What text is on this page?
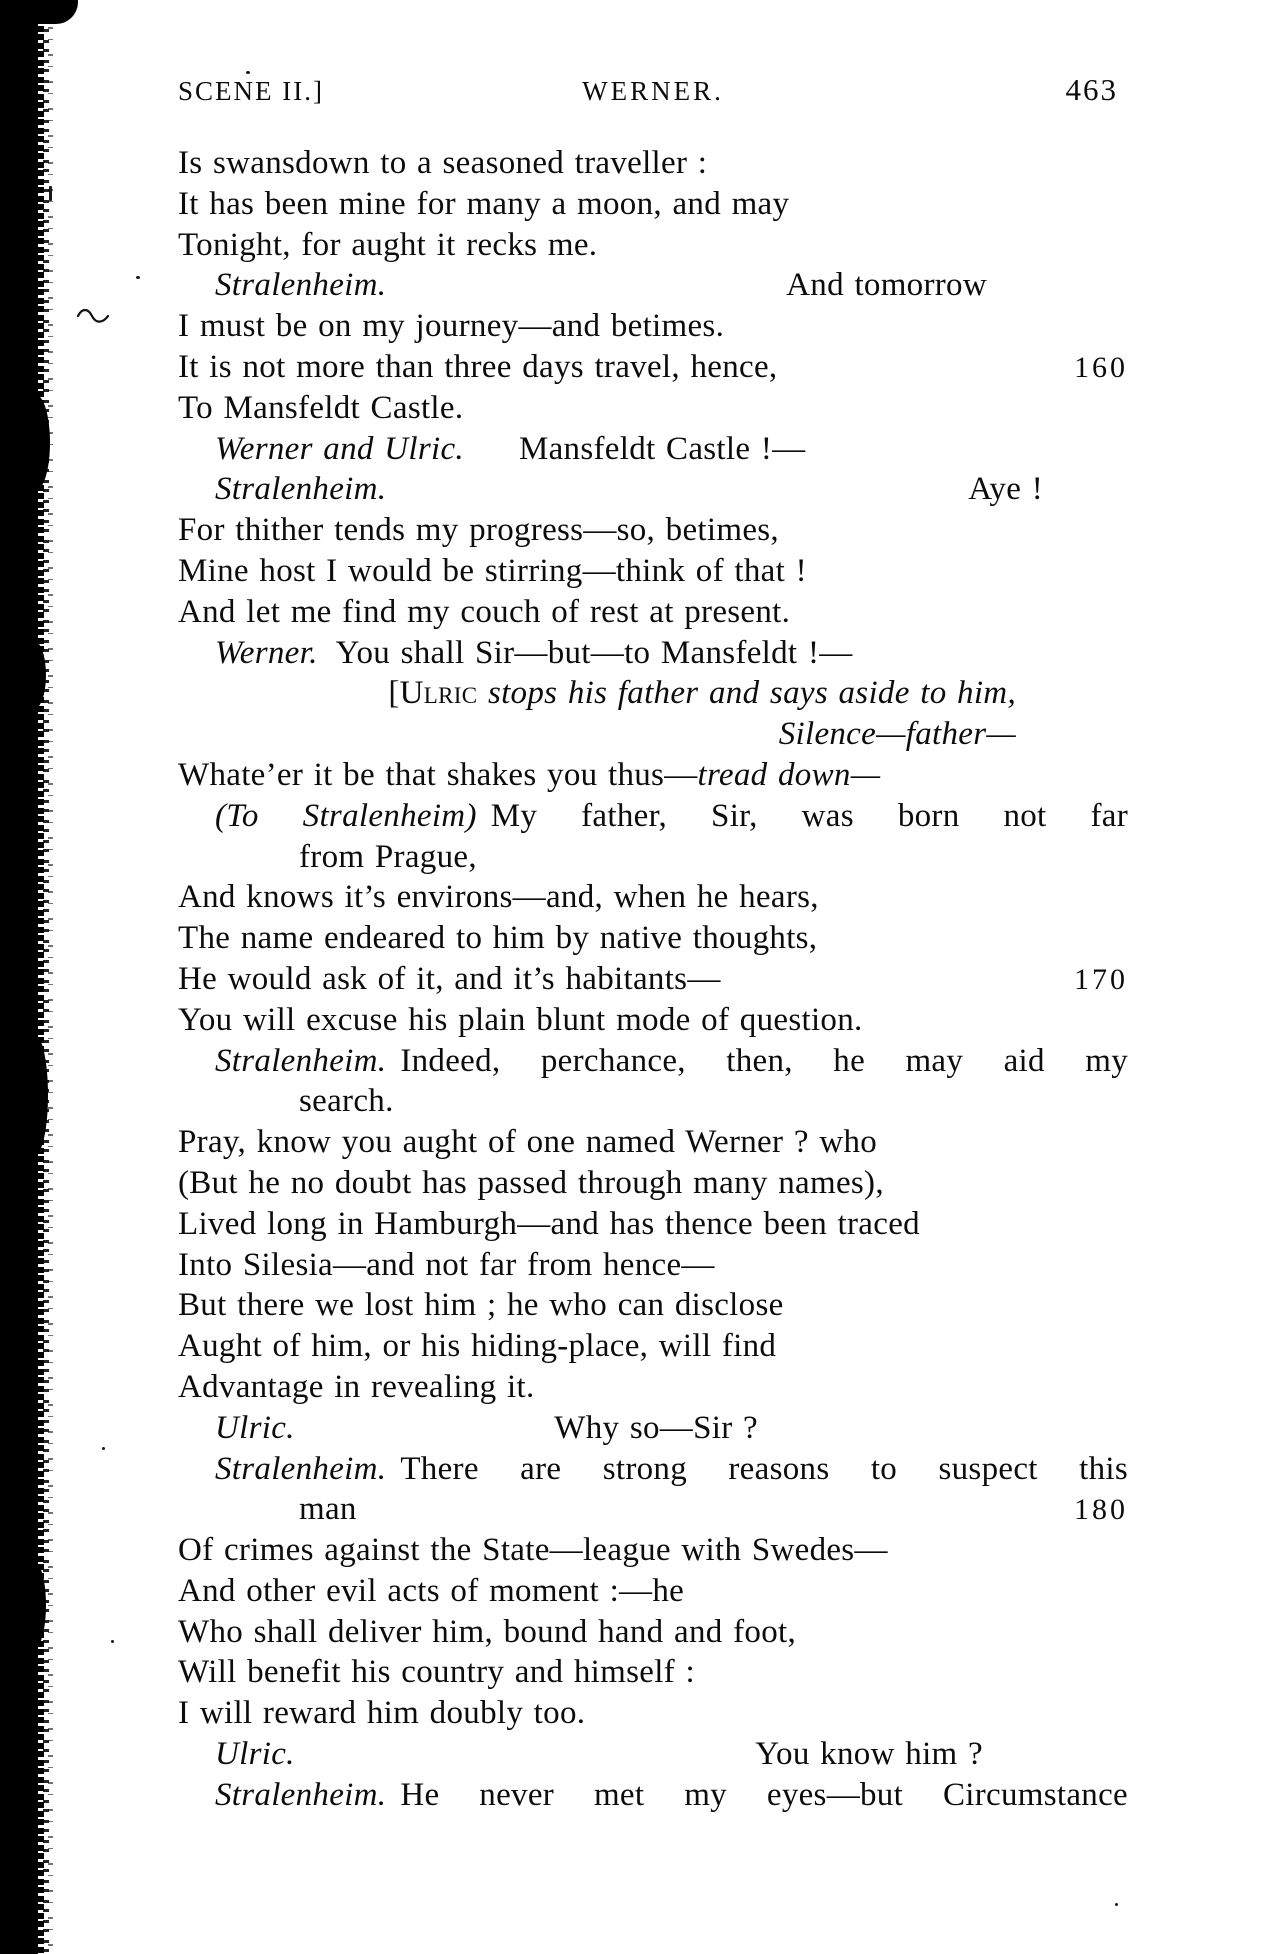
SCENE II.]	WERNER.	463
Is swansdown to a seasoned traveller :
It has been mine for many a moon, and may
Tonight, for aught it recks me.
Stralenheim.	And tomorrow
I must be on my journey—and betimes.
It is not more than three days travel, hence,	160
To Mansfeldt Castle.
Werner and Ulric. Mansfeldt Castle !—
Stralenheim.	Aye !
For thither tends my progress—so, betimes,
Mine host I would be stirring—think of that !
And let me find my couch of rest at present.
Werner. You shall Sir—but—to Mansfeldt !—
[Ulric stops his father and says aside to him,
Silence—father—
Whate’er it be that shakes you thus—tread down—
(To Stralenheim) My father, Sir, was born not far
from Prague,
And knows it’s environs—and, when he hears,
The name endeared to him by native thoughts,
He would ask of it, and it’s habitants—	170
You will excuse his plain blunt mode of question.
Stralenheim. Indeed, perchance, then, he may aid my
search.
Pray, know you aught of one named Werner ? who
(But he no doubt has passed through many names),
Lived long in Hamburgh—and has thence been traced
Into Silesia—and not far from hence—
But there we lost him ; he who can disclose
Aught of him, or his hiding-place, will find
Advantage in revealing it.
Ulric.	Why so—Sir ?
Stralenheim. There are strong reasons to suspect this
man	180
Of crimes against the State—league with Swedes—
And other evil acts of moment :—he
Who shall deliver him, bound hand and foot,
Will benefit his country and himself :
I will reward him doubly too.
Ulric.	You know him ?
Stralenheim. He never met my eyes—but Circumstance
